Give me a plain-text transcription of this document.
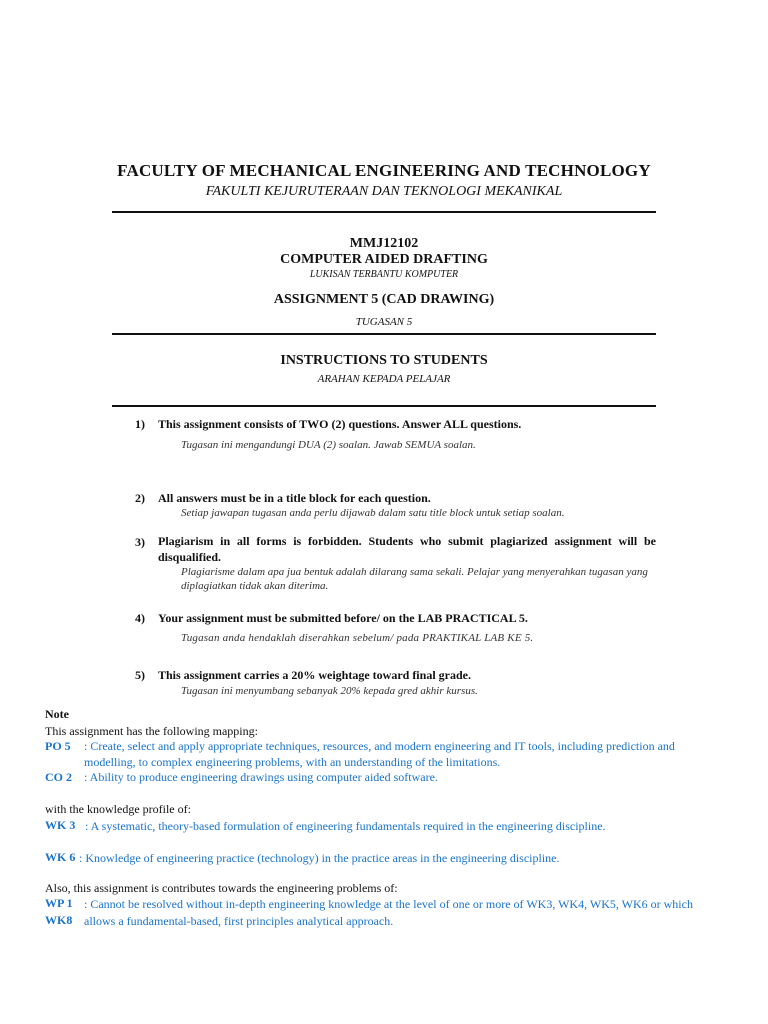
FACULTY OF MECHANICAL ENGINEERING AND TECHNOLOGY
FAKULTI KEJURUTERAAN DAN TEKNOLOGI MEKANIKAL
MMJ12102
COMPUTER AIDED DRAFTING
LUKISAN TERBANTU KOMPUTER
ASSIGNMENT 5 (CAD DRAWING)
TUGASAN 5
INSTRUCTIONS TO STUDENTS
ARAHAN KEPADA PELAJAR
1) This assignment consists of TWO (2) questions. Answer ALL questions.
Tugasan ini mengandungi DUA (2) soalan. Jawab SEMUA soalan.
2) All answers must be in a title block for each question.
Setiap jawapan tugasan anda perlu dijawab dalam satu title block untuk setiap soalan.
3) Plagiarism in all forms is forbidden. Students who submit plagiarized assignment will be disqualified.
Plagiarisme dalam apa jua bentuk adalah dilarang sama sekali. Pelajar yang menyerahkan tugasan yang diplagiatkan tidak akan diterima.
4) Your assignment must be submitted before/ on the LAB PRACTICAL 5.
Tugasan anda hendaklah diserahkan sebelum/ pada PRAKTIKAL LAB KE 5.
5) This assignment carries a 20% weightage toward final grade.
Tugasan ini menyumbang sebanyak 20% kepada gred akhir kursus.
Note
This assignment has the following mapping:
PO 5 : Create, select and apply appropriate techniques, resources, and modern engineering and IT tools, including prediction and modelling, to complex engineering problems, with an understanding of the limitations.
CO 2 : Ability to produce engineering drawings using computer aided software.
with the knowledge profile of:
WK 3 : A systematic, theory-based formulation of engineering fundamentals required in the engineering discipline.
WK 6 : Knowledge of engineering practice (technology) in the practice areas in the engineering discipline.
Also, this assignment is contributes towards the engineering problems of:
WP 1
WK8
: Cannot be resolved without in-depth engineering knowledge at the level of one or more of WK3, WK4, WK5, WK6 or which allows a fundamental-based, first principles analytical approach.
